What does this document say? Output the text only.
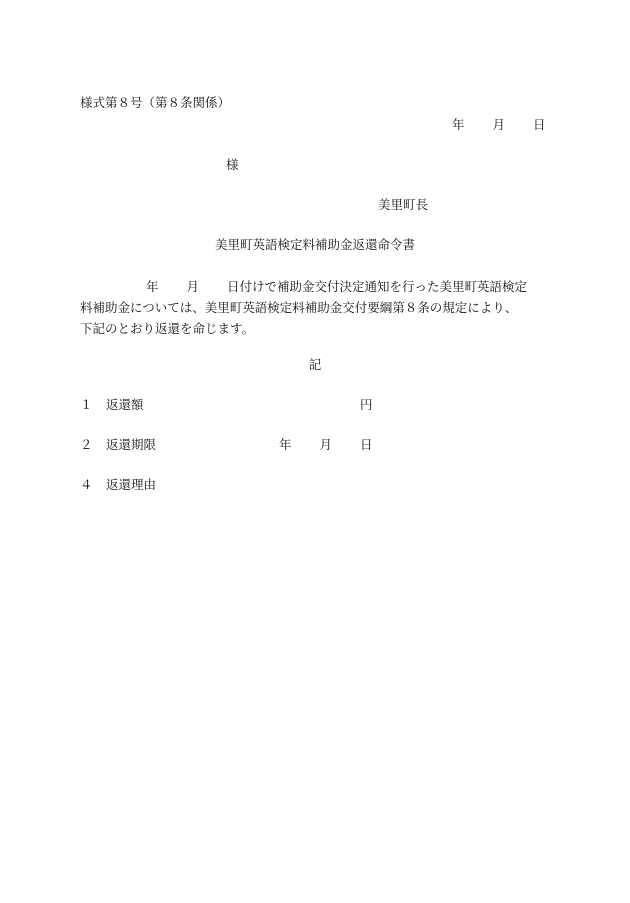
様式第８号（第８条関係）
年 月 日
様
美里町長
美里町英語検定料補助金返還命令書

年 月 日付けで補助金交付決定通知を行った美里町英語検定

料補助金については、美里町英語検定料補助金交付要綱第８条の規定により、

下記のとおり返還を命じます。

記
１ 返還額	円
２ 返還期限	年 月 日
４ 返還理由
